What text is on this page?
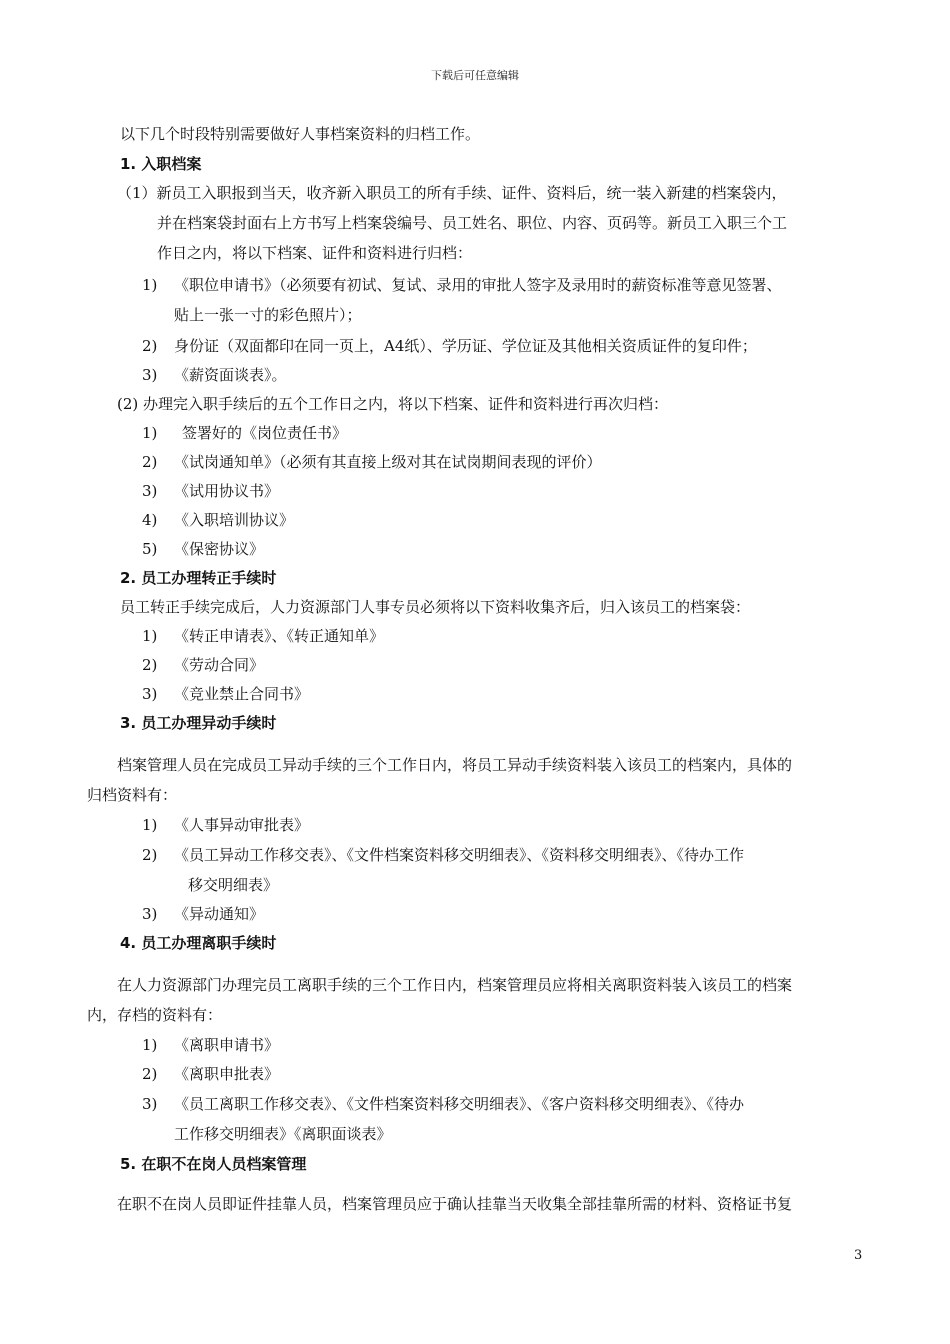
下载后可任意编辑
以下几个时段特别需要做好人事档案资料的归档工作。
1. 入职档案
（1）新员工入职报到当天，收齐新入职员工的所有手续、证件、资料后，统一装入新建的档案袋内，
并在档案袋封面右上方书写上档案袋编号、员工姓名、职位、内容、页码等。新员工入职三个工
作日之内，将以下档案、证件和资料进行归档：
1) 《职位申请书》（必须要有初试、复试、录用的审批人签字及录用时的薪资标准等意见签署、
贴上一张一寸的彩色照片）；
2) 身份证（双面都印在同一页上，A4纸）、学历证、学位证及其他相关资质证件的复印件；
3) 《薪资面谈表》。
(2) 办理完入职手续后的五个工作日之内，将以下档案、证件和资料进行再次归档：
1) 签署好的《岗位责任书》
2) 《试岗通知单》（必须有其直接上级对其在试岗期间表现的评价）
3) 《试用协议书》
4) 《入职培训协议》
5) 《保密协议》
2. 员工办理转正手续时
员工转正手续完成后，人力资源部门人事专员必须将以下资料收集齐后，归入该员工的档案袋：
1) 《转正申请表》、《转正通知单》
2) 《劳动合同》
3) 《竞业禁止合同书》
3. 员工办理异动手续时
档案管理人员在完成员工异动手续的三个工作日内，将员工异动手续资料装入该员工的档案内，具体的
归档资料有：
1) 《人事异动审批表》
2) 《员工异动工作移交表》、《文件档案资料移交明细表》、《资料移交明细表》、《待办工作
移交明细表》
3) 《异动通知》
4. 员工办理离职手续时
在人力资源部门办理完员工离职手续的三个工作日内，档案管理员应将相关离职资料装入该员工的档案
内，存档的资料有：
1) 《离职申请书》
2) 《离职申批表》
3) 《员工离职工作移交表》、《文件档案资料移交明细表》、《客户资料移交明细表》、《待办
工作移交明细表》《离职面谈表》
5. 在职不在岗人员档案管理
在职不在岗人员即证件挂靠人员，档案管理员应于确认挂靠当天收集全部挂靠所需的材料、资格证书复
3
